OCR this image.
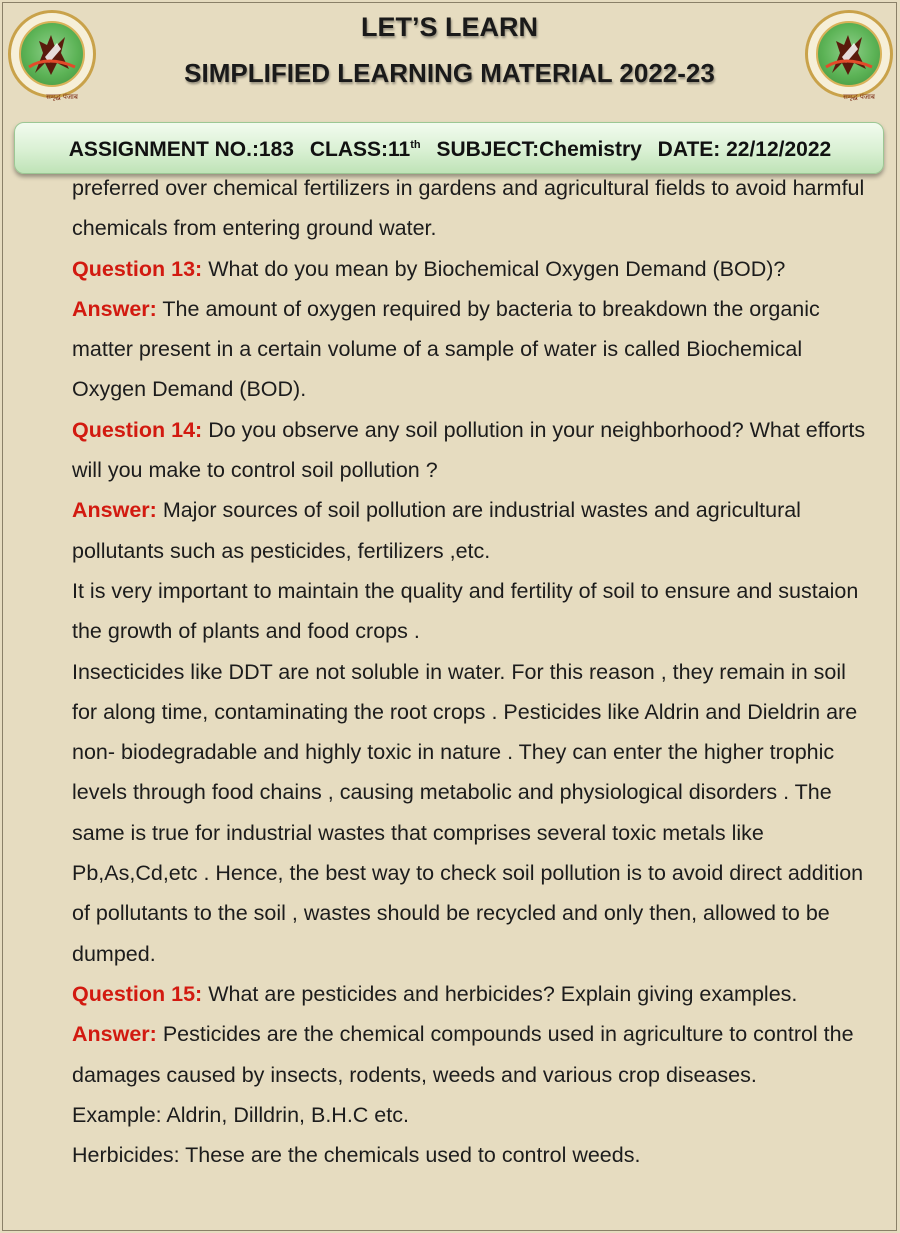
समृद्ध पंजाब
LET’S LEARN
SIMPLIFIED LEARNING MATERIAL 2022-23
समृद्ध पंजाब
ASSIGNMENT NO.:183 CLASS:11th SUBJECT:Chemistry DATE: 22/12/2022

preferred over chemical fertilizers in gardens and agricultural fields to avoid harmful chemicals from entering ground water.

Question 13: What do you mean by Biochemical Oxygen Demand (BOD)?

Answer: The amount of oxygen required by bacteria to breakdown the organic matter present in a certain volume of a sample of water is called Biochemical Oxygen Demand (BOD).

Question 14: Do you observe any soil pollution in your neighborhood? What efforts will you make to control soil pollution ?

Answer: Major sources of soil pollution are industrial wastes and agricultural pollutants such as pesticides, fertilizers ,etc.

It is very important to maintain the quality and fertility of soil to ensure and sustaion the growth of plants and food crops .

Insecticides like DDT are not soluble in water. For this reason , they remain in soil for along time, contaminating the root crops . Pesticides like Aldrin and Dieldrin are non- biodegradable and highly toxic in nature . They can enter the higher trophic levels through food chains , causing metabolic and physiological disorders . The same is true for industrial wastes that comprises several toxic metals like Pb,As,Cd,etc . Hence, the best way to check soil pollution is to avoid direct addition of pollutants to the soil , wastes should be recycled and only then, allowed to be dumped.

Question 15: What are pesticides and herbicides? Explain giving examples.

Answer: Pesticides are the chemical compounds used in agriculture to control the damages caused by insects, rodents, weeds and various crop diseases.

Example: Aldrin, Dilldrin, B.H.C etc.

Herbicides: These are the chemicals used to control weeds.
